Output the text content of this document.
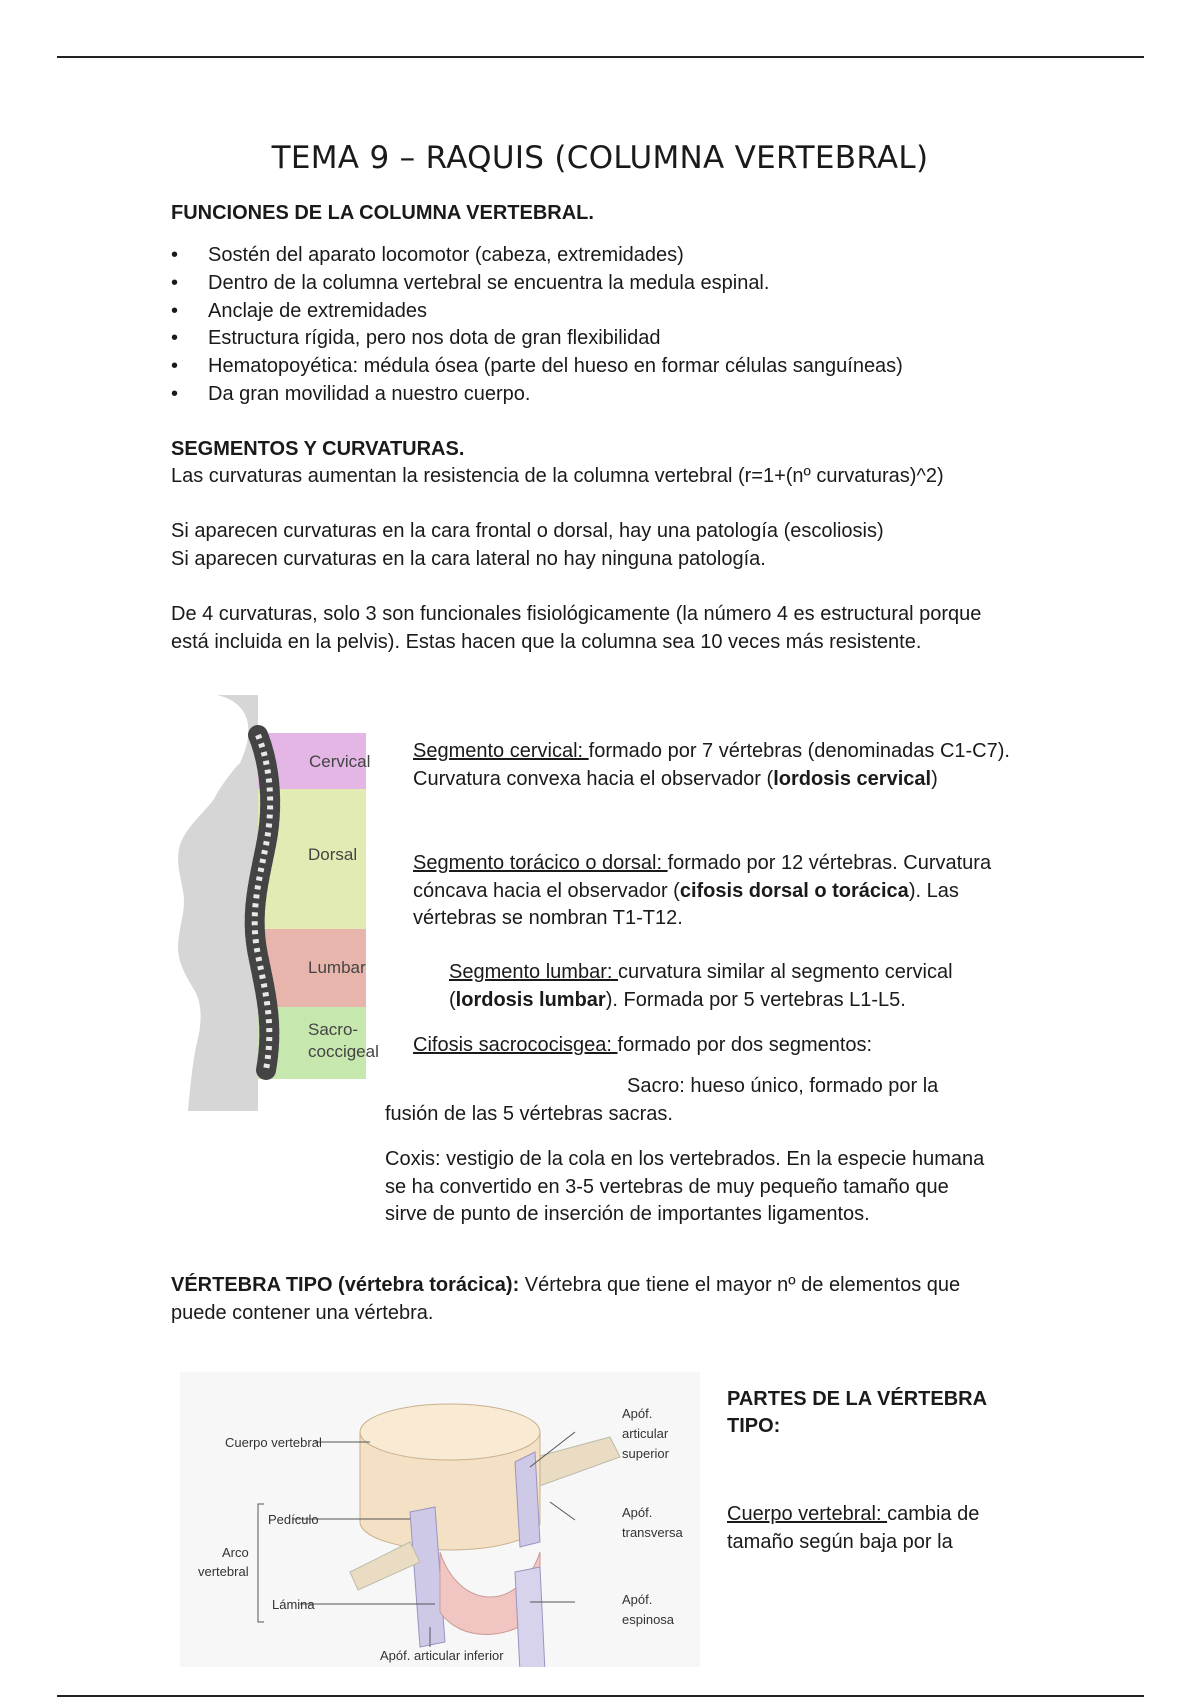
TEMA 9 – RAQUIS (COLUMNA VERTEBRAL)
FUNCIONES DE LA COLUMNA VERTEBRAL.
• Sostén del aparato locomotor (cabeza, extremidades)
• Dentro de la columna vertebral se encuentra la medula espinal.
• Anclaje de extremidades
• Estructura rígida, pero nos dota de gran flexibilidad
• Hematopoyética: médula ósea (parte del hueso en formar células sanguíneas)
• Da gran movilidad a nuestro cuerpo.
SEGMENTOS Y CURVATURAS.
Las curvaturas aumentan la resistencia de la columna vertebral (r=1+(nº curvaturas)^2)
Si aparecen curvaturas en la cara frontal o dorsal, hay una patología (escoliosis)
Si aparecen curvaturas en la cara lateral no hay ninguna patología.
De 4 curvaturas, solo 3 son funcionales fisiológicamente (la número 4 es estructural porque está incluida en la pelvis). Estas hacen que la columna sea 10 veces más resistente.
Cervical
Dorsal
Lumbar
Sacro-
coccigeal
Segmento cervical: formado por 7 vértebras (denominadas C1-C7). Curvatura convexa hacia el observador (lordosis cervical)
Segmento torácico o dorsal: formado por 12 vértebras. Curvatura cóncava hacia el observador (cifosis dorsal o torácica). Las vértebras se nombran T1-T12.
Segmento lumbar: curvatura similar al segmento cervical (lordosis lumbar). Formada por 5 vertebras L1-L5.
Cifosis sacrococisgea: formado por dos segmentos:
Sacro: hueso único, formado por la
fusión de las 5 vértebras sacras.
Coxis: vestigio de la cola en los vertebrados. En la especie humana se ha convertido en 3-5 vertebras de muy pequeño tamaño que sirve de punto de inserción de importantes ligamentos.
VÉRTEBRA TIPO (vértebra torácica): Vértebra que tiene el mayor nº de elementos que puede contener una vértebra.
Cuerpo vertebral
Pedículo
Arco
vertebral
Lámina
Apóf.
articular
superior
Apóf.
transversa
Apóf.
espinosa
Apóf. articular inferior
PARTES DE LA VÉRTEBRA
TIPO:
Cuerpo vertebral: cambia de tamaño según baja por la
